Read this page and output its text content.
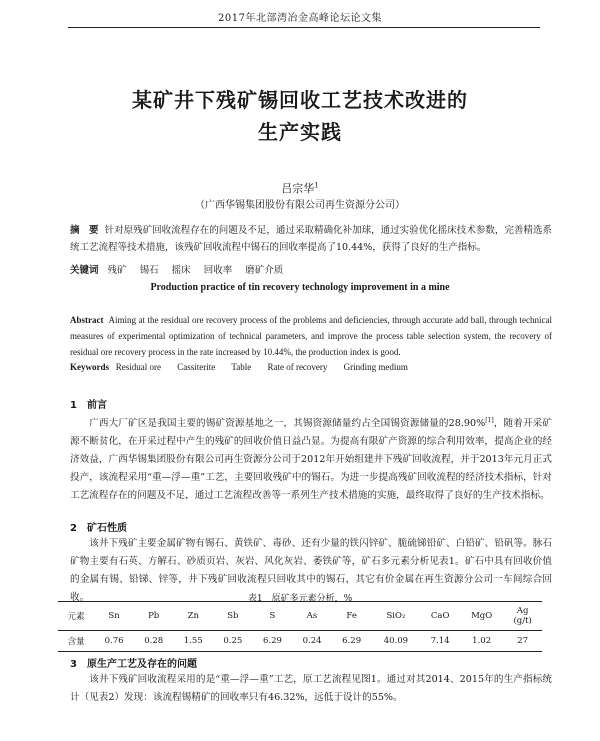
2017年北部湾冶金高峰论坛论文集
某矿井下残矿锡回收工艺技术改进的
生产实践
吕宗华$^1$
（广西华锡集团股份有限公司再生资源分公司）
摘　要 针对原残矿回收流程存在的问题及不足，通过采取精确化补加球，通过实验优化摇床技术参数，完善精选系统工艺流程等技术措施，该残矿回收流程中锡石的回收率提高了10.44%，获得了良好的生产指标。
关键词 残矿 锡石 摇床 回收率 磨矿介质
Production practice of tin recovery technology improvement in a mine
Abstract Aiming at the residual ore recovery process of the problems and deficiencies, through accurate add ball, through technical measures of experimental optimization of technical parameters, and improve the process table selection system, the recovery of residual ore recovery process in the rate increased by 10.44%, the production index is good.
Keywords Residual ore Cassiterite Table Rate of recovery Grinding medium
1 前言
广西大厂矿区是我国主要的锡矿资源基地之一，其锡资源储量约占全国锡资源储量的28.90%[1]，随着开采矿源不断贫化，在开采过程中产生的残矿的回收价值日益凸显。为提高有限矿产资源的综合利用效率，提高企业的经济效益，广西华锡集团股份有限公司再生资源分公司于2012年开始组建井下残矿回收流程，并于2013年元月正式投产，该流程采用“重—浮—重”工艺，主要回收残矿中的锡石。为进一步提高残矿回收流程的经济技术指标，针对工艺流程存在的问题及不足，通过工艺流程改善等一系列生产技术措施的实施，最终取得了良好的生产技术指标。
2 矿石性质
该井下残矿主要金属矿物有锡石、黄铁矿、毒砂、还有少量的铁闪锌矿、脆硫锑铅矿、白铅矿、铅矾等。脉石矿物主要有石英、方解石、砂质页岩、灰岩、风化灰岩、萎铁矿等，矿石多元素分析见表1。矿石中具有回收价值的金属有锡、铅锑、锌等，井下残矿回收流程只回收其中的锡石，其它有价金属在再生资源分公司一车间综合回收。	表1　原矿多元素分析，%
元素	Sn	Pb	Zn	Sb	S	As	Fe	SiO₂	CaO	MgO	Ag
(g/t)

含量	0.76	0.28	1.55	0.25	6.29	0.24	6.29	40.09	7.14	1.02	27
3 原生产工艺及存在的问题
该井下残矿回收流程采用的是“重—浮—重”工艺，原工艺流程见图1。通过对其2014、2015年的生产指标统计（见表2）发现：该流程锡精矿的回收率只有46.32%，远低于设计的55%。
